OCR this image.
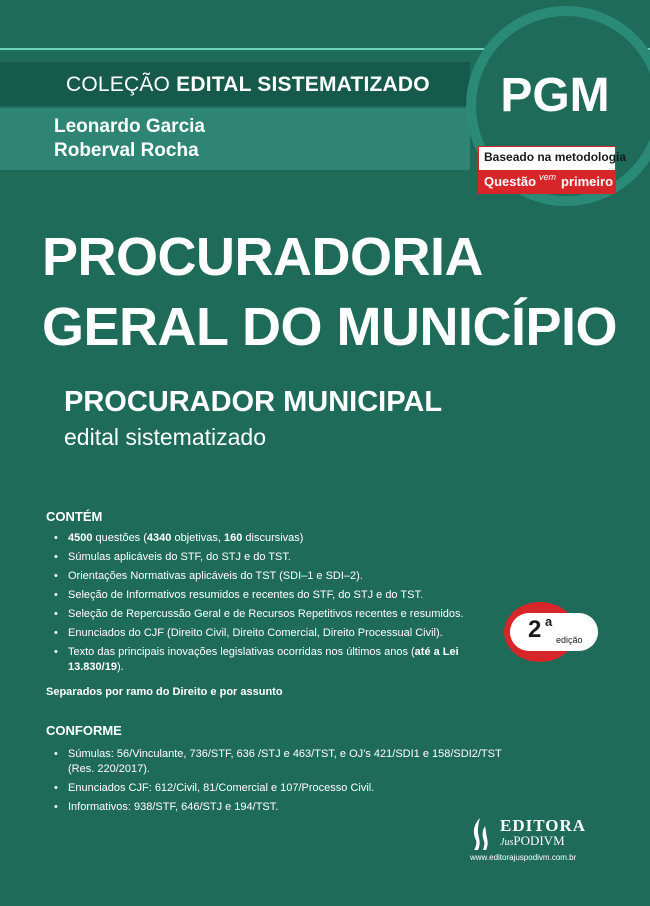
COLEÇÃO EDITAL SISTEMATIZADO
Leonardo Garcia
Roberval Rocha
PGM
Baseado na metodologia
Questão vem primeiro
PROCURADORIA
GERAL DO MUNICÍPIO
PROCURADOR MUNICIPAL
edital sistematizado
CONTÉM
• 4500 questões (4340 objetivas, 160 discursivas)
• Súmulas aplicáveis do STF, do STJ e do TST.
• Orientações Normativas aplicáveis do TST (SDI–1 e SDI–2).
• Seleção de Informativos resumidos e recentes do STF, do STJ e do TST.
• Seleção de Repercussão Geral e de Recursos Repetitivos recentes e resumidos.
• Enunciados do CJF (Direito Civil, Direito Comercial, Direito Processual Civil).
• Texto das principais inovações legislativas ocorridas nos últimos anos (até a Lei 13.830/19).
Separados por ramo do Direito e por assunto
CONFORME
• Súmulas: 56/Vinculante, 736/STF, 636 /STJ e 463/TST, e OJ’s 421/SDI1 e 158/SDI2/TST (Res. 220/2017).
• Enunciados CJF: 612/Civil, 81/Comercial e 107/Processo Civil.
• Informativos: 938/STF, 646/STJ e 194/TST.
2 a
edição
EDITORA
JusPODIVM
www.editorajuspodivm.com.br
